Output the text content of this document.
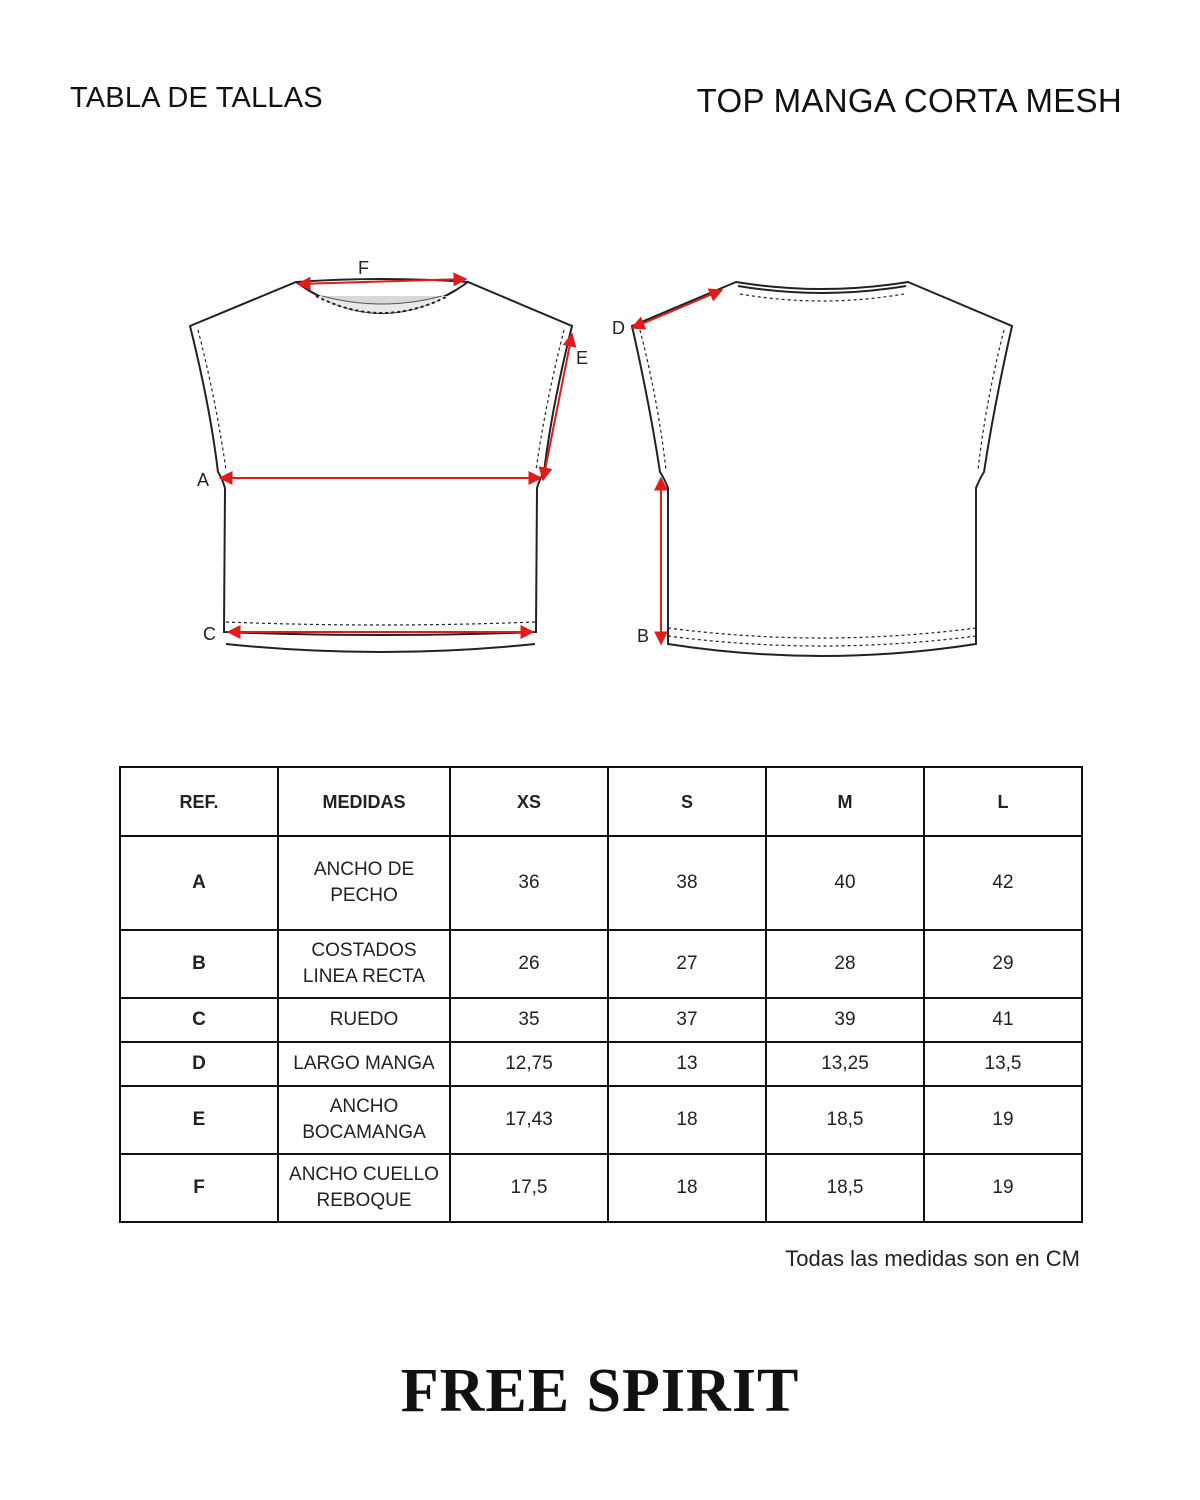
TABLA DE TALLAS	TOP MANGA CORTA MESH
F
E
A
C
D
B
REF.	MEDIDAS	XS	S	M	L
A	ANCHO DE PECHO	36	38	40	42
B	COSTADOS LINEA RECTA	26	27	28	29
C	RUEDO	35	37	39	41
D	LARGO MANGA	12,75	13	13,25	13,5
E	ANCHO BOCAMANGA	17,43	18	18,5	19
F	ANCHO CUELLO REBOQUE	17,5	18	18,5	19
Todas las medidas son en CM
FREE SPIRIT
